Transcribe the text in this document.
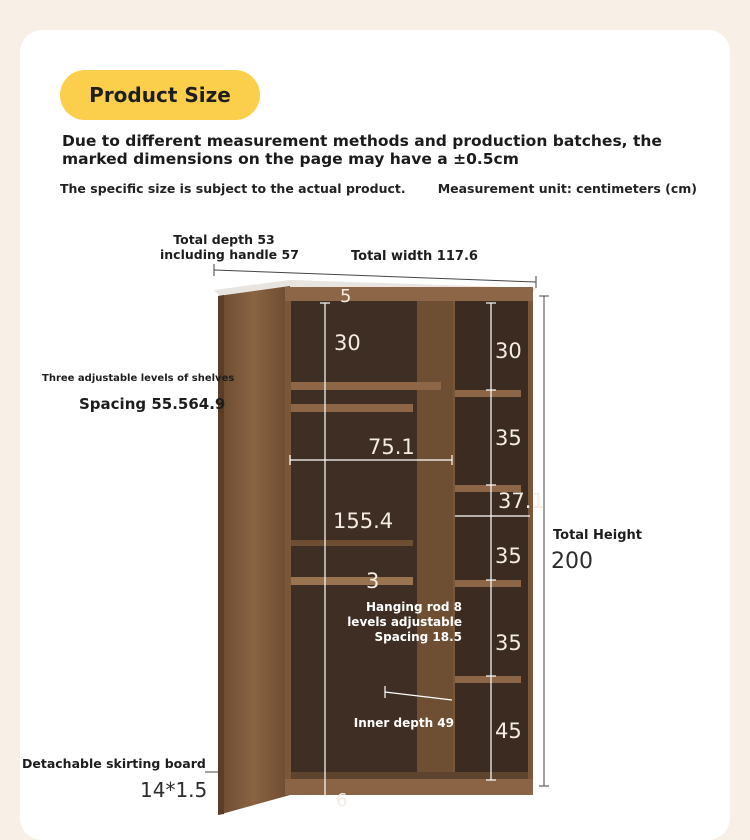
Product Size
Due to different measurement methods and production batches, the marked dimensions on the page may have a ±0.5cm
The specific size is subject to the actual product.	Measurement unit: centimeters (cm)
Total depth 53
including handle 57	Total width 117.6
Three adjustable levels of shelves
Spacing 55.564.9
Total Height
200
Detachable skirting board
14*1.5
5
30
75.1
155.4
3
6
30
35
37.1
35
35
45
Hanging rod 8
levels adjustable
Spacing 18.5
Inner depth 49
